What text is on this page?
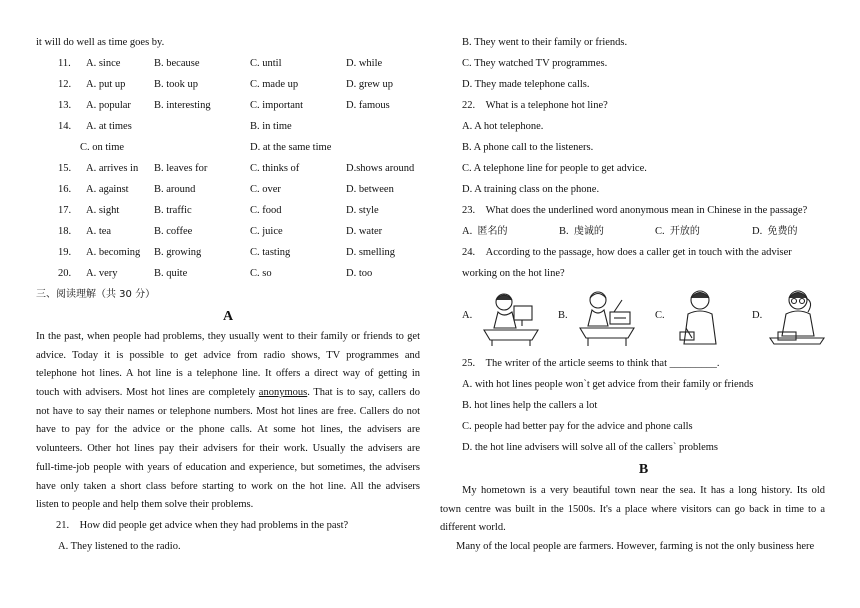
it will do well as time goes by.
11. A. since	B. because	C. until	D. while
12. A. put up	B. took up	C. made up	D. grew up
13. A. popular B. interesting	C. important	D. famous
14. A. at times	B. in time
C. on time	D. at the same time
15. A. arrives in B. leaves for	C. thinks of	D.shows around
16. A. against B. around	C. over	D. between
17. A. sight	B. traffic	C. food	D. style
18. A. tea	B. coffee	C. juice	D. water
19. A. becoming B. growing	C. tasting	D. smelling
20. A. very	B. quite	C. so	D. too
三、阅读理解（共 30 分）
A
In the past, when people had problems, they usually went to their family or friends to get
advice. Today it is possible to get advice from radio shows, TV programmes and
telephone hot lines. A hot line is a telephone line. It offers a direct way of getting in
touch with advisers. Most hot lines are completely anonymous. That is to say, callers do
not have to say their names or telephone numbers. Most hot lines are free. Callers do not
have to pay for the advice or the phone calls. At some hot lines, the advisers are
volunteers. Other hot lines pay their advisers for their work. Usually the advisers are
full-time-job people with years of education and experience, but sometimes, the advisers
have only taken a short class before starting to work on the hot line. All the advisers
listen to people and help them solve their problems.
21. How did people get advice when they had problems in the past?
A. They listened to the radio.
B. They went to their family or friends.
C. They watched TV programmes.
D. They made telephone calls.
22. What is a telephone hot line?
A. A hot telephone.
B. A phone call to the listeners.
C. A telephone line for people to get advice.
D. A training class on the phone.
23. What does the underlined word anonymous mean in Chinese in the passage?
A. 匿名的	B. 虔诚的	C. 开放的	D. 免费的
24. According to the passage, how does a caller get in touch with the adviser
working on the hot line?
A.	B.	C.	D.
25. The writer of the article seems to think that _________.
A. with hot lines people won`t get advice from their family or friends
B. hot lines help the callers a lot
C. people had better pay for the advice and phone calls
D. the hot line advisers will solve all of the callers` problems
B
My hometown is a very beautiful town near the sea. It has a long history. Its old
town centre was built in the 1500s. It's a place where visitors can go back in time to a
different world.
Many of the local people are farmers. However, farming is not the only business here
